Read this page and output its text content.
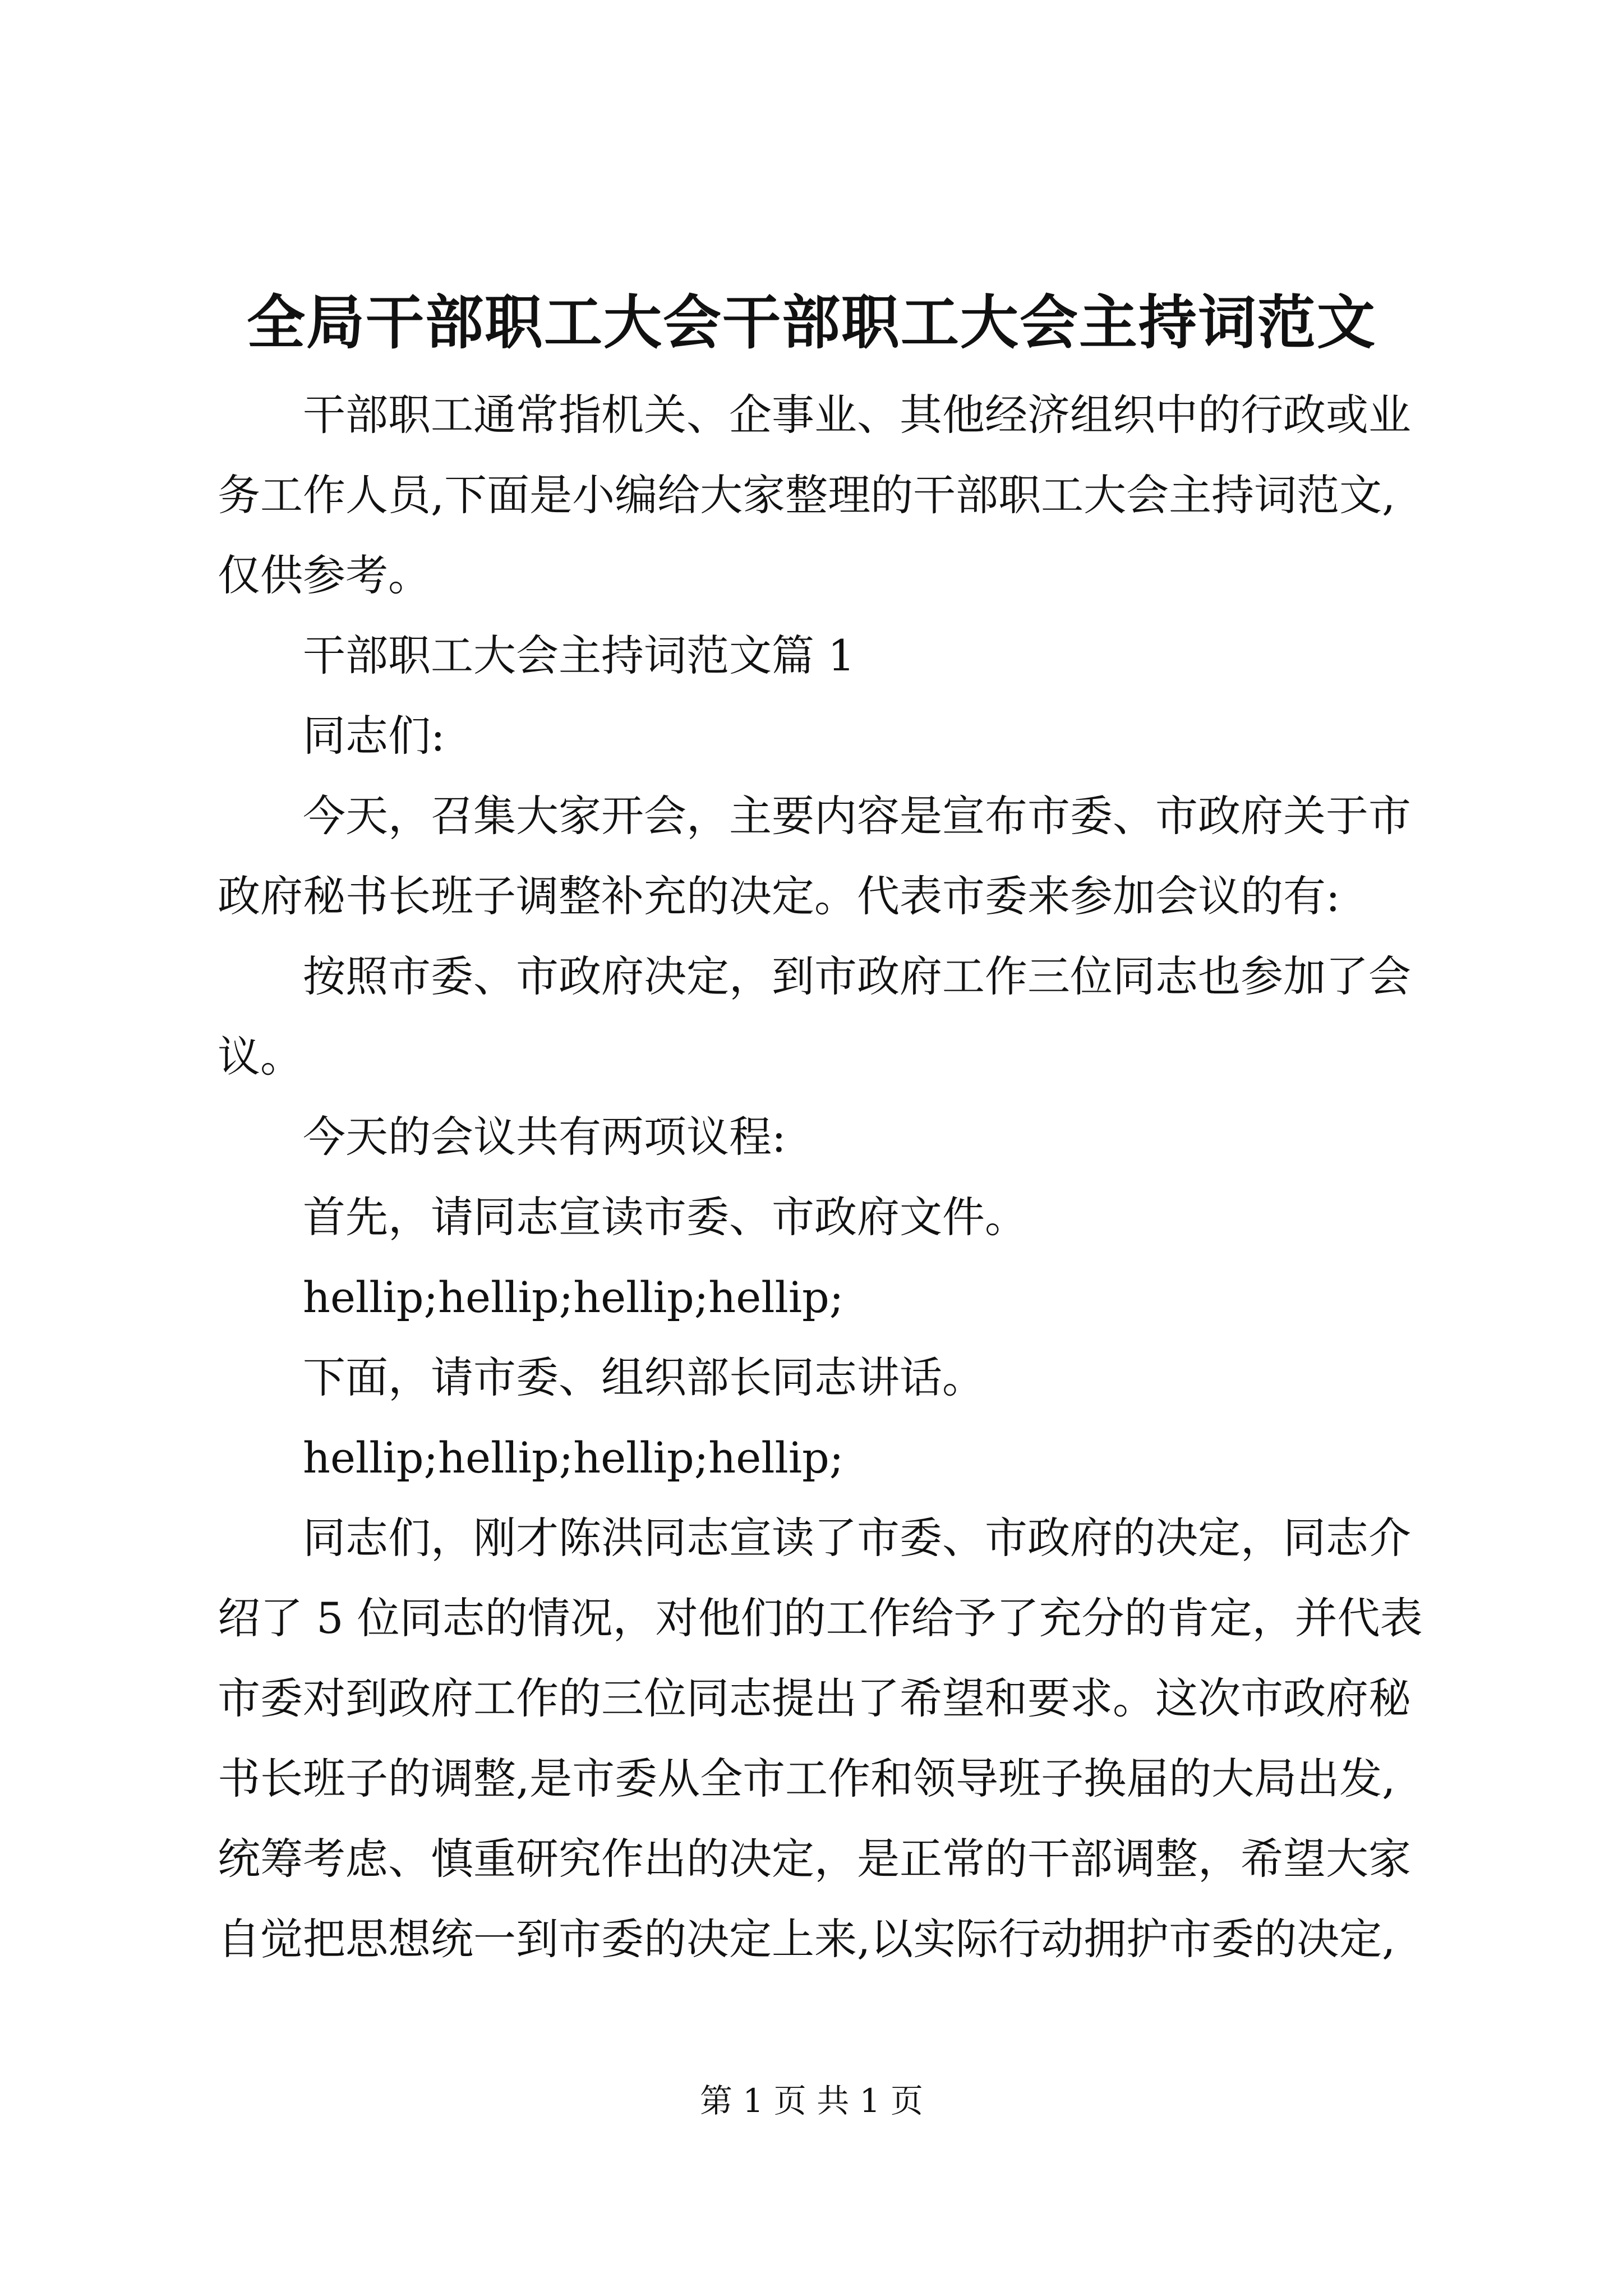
全局干部职工大会干部职工大会主持词范文
干部职工通常指机关、企事业、其他经济组织中的行政或业
务工作人员,下面是小编给大家整理的干部职工大会主持词范文,
仅供参考。
干部职工大会主持词范文篇 1
同志们:
今天，召集大家开会，主要内容是宣布市委、市政府关于市
政府秘书长班子调整补充的决定。代表市委来参加会议的有:
按照市委、市政府决定，到市政府工作三位同志也参加了会
议。
今天的会议共有两项议程:
首先，请同志宣读市委、市政府文件。
hellip;hellip;hellip;hellip;
下面，请市委、组织部长同志讲话。
hellip;hellip;hellip;hellip;
同志们，刚才陈洪同志宣读了市委、市政府的决定，同志介
绍了 5 位同志的情况，对他们的工作给予了充分的肯定，并代表
市委对到政府工作的三位同志提出了希望和要求。这次市政府秘
书长班子的调整,是市委从全市工作和领导班子换届的大局出发,
统筹考虑、慎重研究作出的决定，是正常的干部调整，希望大家
自觉把思想统一到市委的决定上来,以实际行动拥护市委的决定,
第 1 页 共 1 页
